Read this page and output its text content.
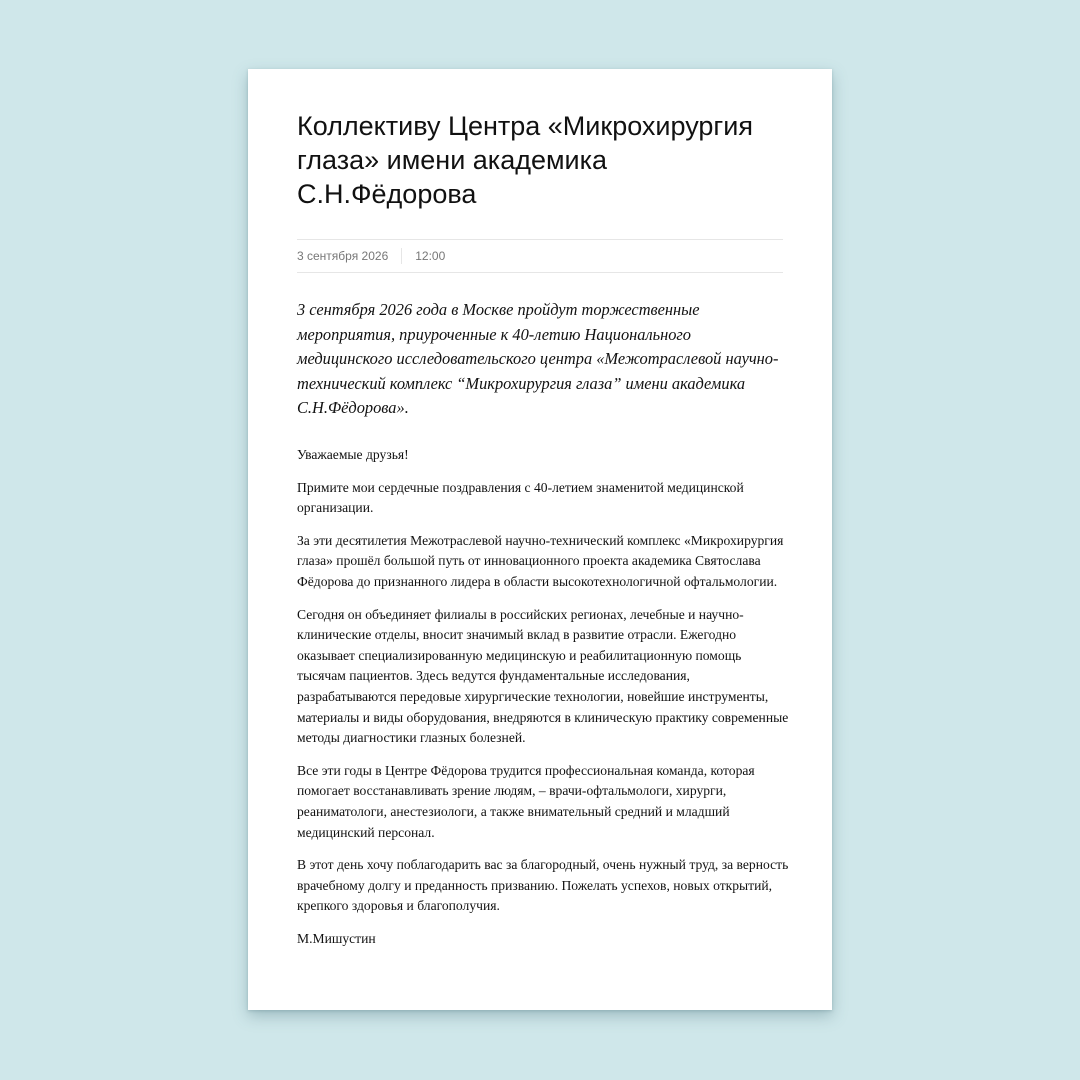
Коллективу Центра «Микрохирургия глаза» имени академика С.Н.Фёдорова
3 сентября 2026	12:00

3 сентября 2026 года в Москве пройдут торжественные мероприятия, приуроченные к 40-летию Национального медицинского исследовательского центра «Межотраслевой научно-технический комплекс “Микрохирургия глаза” имени академика С.Н.Фёдорова».

Уважаемые друзья!

Примите мои сердечные поздравления с 40-летием знаменитой медицинской организации.

За эти десятилетия Межотраслевой научно-технический комплекс «Микрохирургия глаза» прошёл большой путь от инновационного проекта академика Святослава Фёдорова до признанного лидера в области высокотехнологичной офтальмологии.

Сегодня он объединяет филиалы в российских регионах, лечебные и научно-клинические отделы, вносит значимый вклад в развитие отрасли. Ежегодно оказывает специализированную медицинскую и реабилитационную помощь тысячам пациентов. Здесь ведутся фундаментальные исследования, разрабатываются передовые хирургические технологии, новейшие инструменты, материалы и виды оборудования, внедряются в клиническую практику современные методы диагностики глазных болезней.

Все эти годы в Центре Фёдорова трудится профессиональная команда, которая помогает восстанавливать зрение людям, – врачи-офтальмологи, хирурги, реаниматологи, анестезиологи, а также внимательный средний и младший медицинский персонал.

В этот день хочу поблагодарить вас за благородный, очень нужный труд, за верность врачебному долгу и преданность призванию. Пожелать успехов, новых открытий, крепкого здоровья и благополучия.

М.Мишустин
